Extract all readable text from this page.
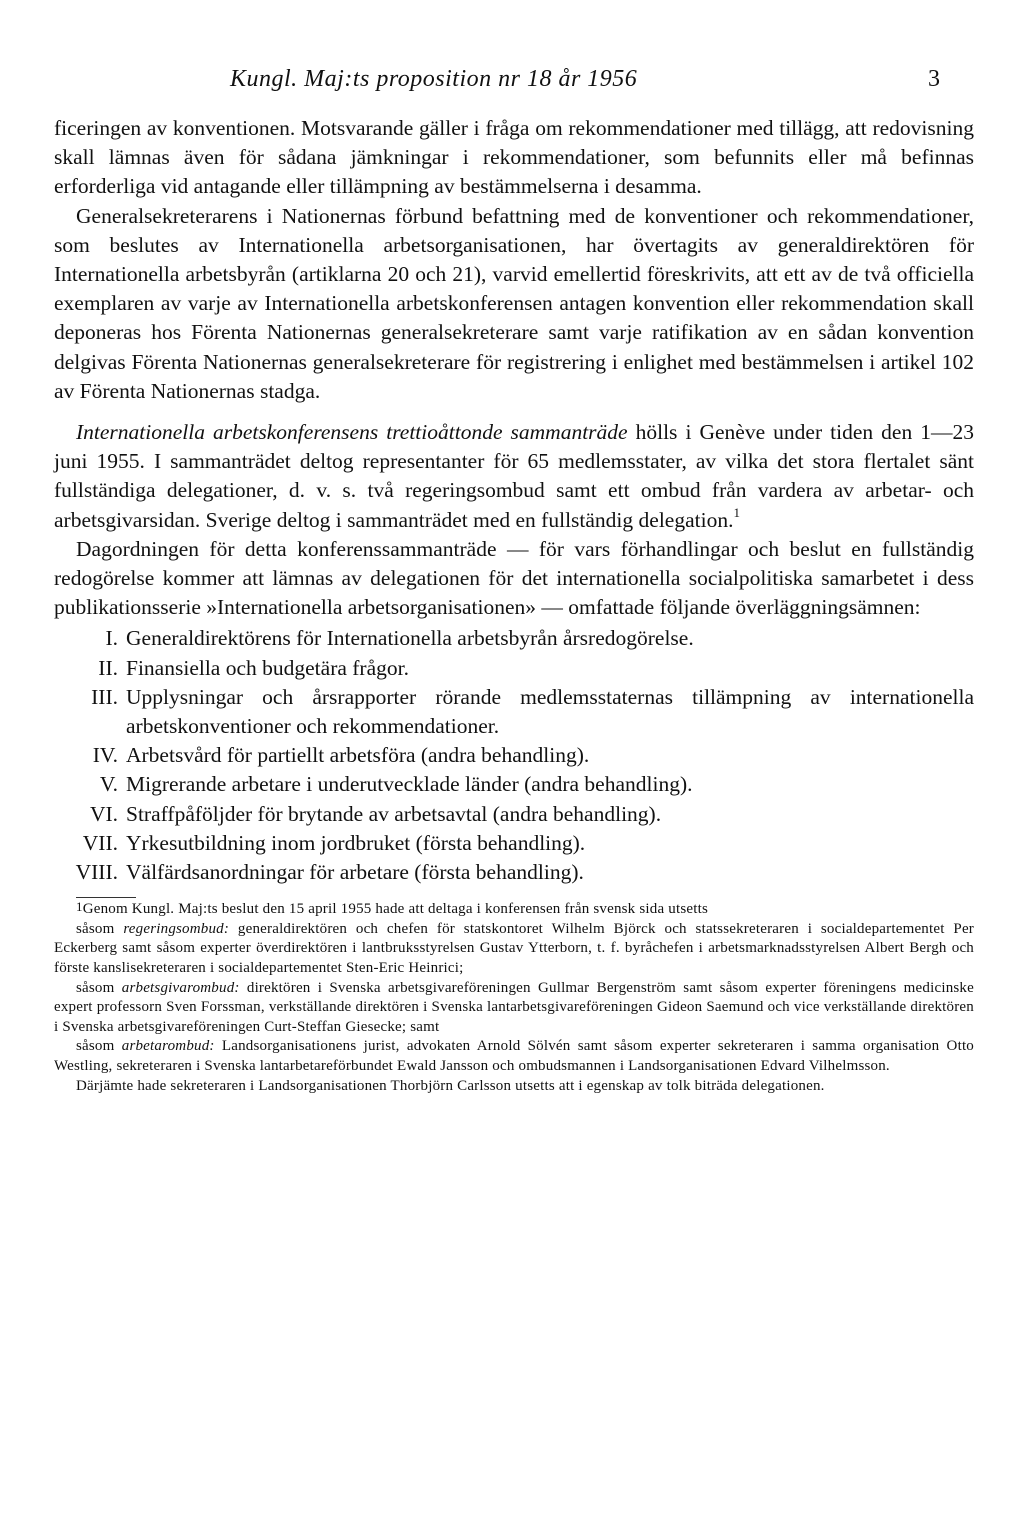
Kungl. Maj:ts proposition nr 18 år 1956	3

ficeringen av konventionen. Motsvarande gäller i fråga om rekommendationer med tillägg, att redovisning skall lämnas även för sådana jämkningar i rekommendationer, som befunnits eller må befinnas erforderliga vid antagande eller tillämpning av bestämmelserna i desamma.

Generalsekreterarens i Nationernas förbund befattning med de konventioner och rekommendationer, som beslutes av Internationella arbetsorganisationen, har övertagits av generaldirektören för Internationella arbetsbyrån (artiklarna 20 och 21), varvid emellertid föreskrivits, att ett av de två officiella exemplaren av varje av Internationella arbetskonferensen antagen konvention eller rekommendation skall deponeras hos Förenta Nationernas generalsekreterare samt varje ratifikation av en sådan konvention delgivas Förenta Nationernas generalsekreterare för registrering i enlighet med bestämmelsen i artikel 102 av Förenta Nationernas stadga.

Internationella arbetskonferensens trettioåttonde sammanträde hölls i Genève under tiden den 1—23 juni 1955. I sammanträdet deltog representanter för 65 medlemsstater, av vilka det stora flertalet sänt fullständiga delegationer, d. v. s. två regeringsombud samt ett ombud från vardera av arbetar- och arbetsgivarsidan. Sverige deltog i sammanträdet med en fullständig delegation.$^1$

Dagordningen för detta konferenssammanträde — för vars förhandlingar och beslut en fullständig redogörelse kommer att lämnas av delegationen för det internationella socialpolitiska samarbetet i dess publikationsserie »Internationella arbetsorganisationen» — omfattade följande överläggningsämnen:

I. Generaldirektörens för Internationella arbetsbyrån årsredogörelse.
II. Finansiella och budgetära frågor.
III. Upplysningar och årsrapporter rörande medlemsstaternas tillämpning av internationella arbetskonventioner och rekommendationer.
IV. Arbetsvård för partiellt arbetsföra (andra behandling).
V. Migrerande arbetare i underutvecklade länder (andra behandling).
VI. Straffpåföljder för brytande av arbetsavtal (andra behandling).
VII. Yrkesutbildning inom jordbruket (första behandling).
VIII. Välfärdsanordningar för arbetare (första behandling).

$^1$Genom Kungl. Maj:ts beslut den 15 april 1955 hade att deltaga i konferensen från svensk sida utsetts

såsom regeringsombud: generaldirektören och chefen för statskontoret Wilhelm Björck och statssekreteraren i socialdepartementet Per Eckerberg samt såsom experter överdirektören i lantbruksstyrelsen Gustav Ytterborn, t. f. byråchefen i arbetsmarknadsstyrelsen Albert Bergh och förste kanslisekreteraren i socialdepartementet Sten-Eric Heinrici;

såsom arbetsgivarombud: direktören i Svenska arbetsgivareföreningen Gullmar Bergenström samt såsom experter föreningens medicinske expert professorn Sven Forssman, verkställande direktören i Svenska lantarbetsgivareföreningen Gideon Saemund och vice verkställande direktören i Svenska arbetsgivareföreningen Curt-Steffan Giesecke; samt

såsom arbetarombud: Landsorganisationens jurist, advokaten Arnold Sölvén samt såsom experter sekreteraren i samma organisation Otto Westling, sekreteraren i Svenska lantarbetareförbundet Ewald Jansson och ombudsmannen i Landsorganisationen Edvard Vilhelmsson.

Därjämte hade sekreteraren i Landsorganisationen Thorbjörn Carlsson utsetts att i egenskap av tolk biträda delegationen.
